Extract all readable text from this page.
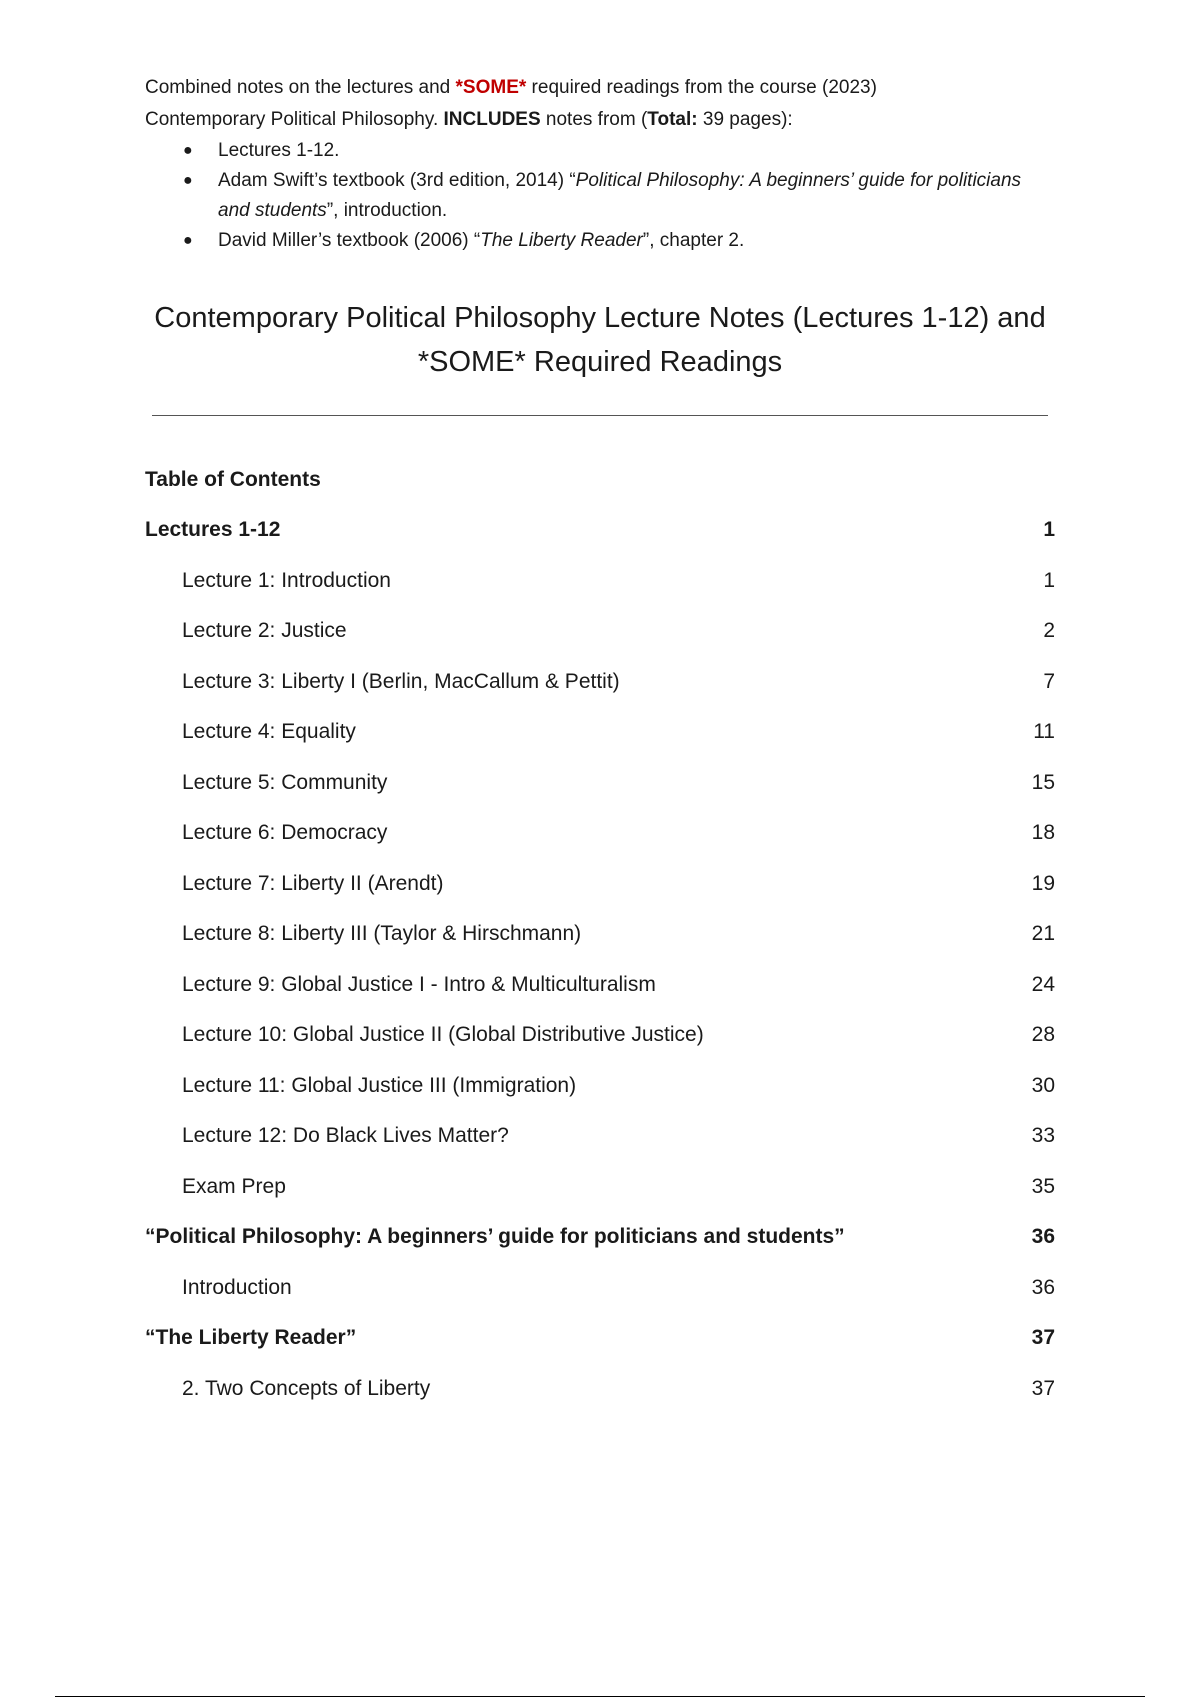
Combined notes on the lectures and *SOME* required readings from the course (2023)

Contemporary Political Philosophy. INCLUDES notes from (Total: 39 pages):

● Lectures 1-12.
● Adam Swift’s textbook (3rd edition, 2014) “Political Philosophy: A beginners’ guide for politicians and students”, introduction.
● David Miller’s textbook (2006) “The Liberty Reader”, chapter 2.
Contemporary Political Philosophy Lecture Notes (Lectures 1-12) and *SOME* Required Readings
Table of Contents
Lectures 1-12	1
Lecture 1: Introduction	1
Lecture 2: Justice	2
Lecture 3: Liberty I (Berlin, MacCallum & Pettit)	7
Lecture 4: Equality	11
Lecture 5: Community	15
Lecture 6: Democracy	18
Lecture 7: Liberty II (Arendt)	19
Lecture 8: Liberty III (Taylor & Hirschmann)	21
Lecture 9: Global Justice I - Intro & Multiculturalism	24
Lecture 10: Global Justice II (Global Distributive Justice)	28
Lecture 11: Global Justice III (Immigration)	30
Lecture 12: Do Black Lives Matter?	33
Exam Prep	35
“Political Philosophy: A beginners’ guide for politicians and students”	36
Introduction	36
“The Liberty Reader”	37
2. Two Concepts of Liberty	37
